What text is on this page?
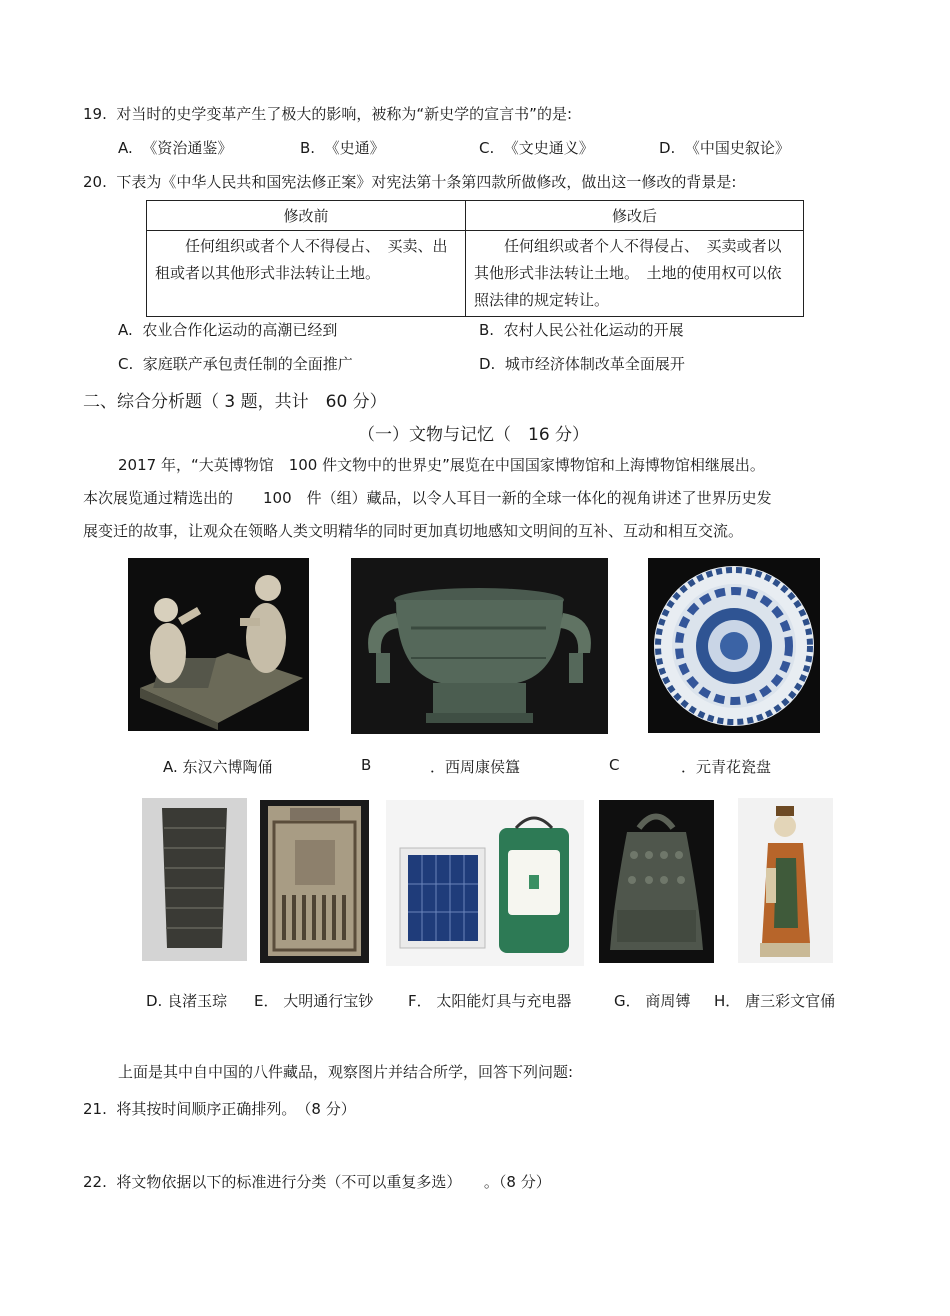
19. 对当时的史学变革产生了极大的影响，被称为“新史学的宣言书”的是:
A. 《资治通鉴》	B. 《史通》	C. 《文史通义》	D. 《中国史叙论》
20. 下表为《中华人民共和国宪法修正案》对宪法第十条第四款所做修改，做出这一修改的背景是:
修改前	修改后
任何组织或者个人不得侵占、　买卖、出租或者以其他形式非法转让土地。	任何组织或者个人不得侵占、　买卖或者以其他形式非法转让土地。　土地的使用权可以依照法律的规定转让。
A. 农业合作化运动的高潮已经到	B. 农村人民公社化运动的开展
C. 家庭联产承包责任制的全面推广	D. 城市经济体制改革全面展开
二、综合分析题（ 3 题，共计　60 分）
（一）文物与记忆（　16 分）
2017 年，“大英博物馆　100 件文物中的世界史”展览在中国国家博物馆和上海博物馆相继展出。
本次展览通过精选出的　　100　件（组）藏品，以令人耳目一新的全球一体化的视角讲述了世界历史发
展变迁的故事，让观众在领略人类文明精华的同时更加真切地感知文明间的互补、互动和相互交流。
A. 东汉六博陶俑	B	．西周康侯簋	C	．元青花瓷盘
D. 良渚玉琮 E． 大明通行宝钞 F． 太阳能灯具与充电器	G． 商周镈 H． 唐三彩文官俑
上面是其中自中国的八件藏品，观察图片并结合所学，回答下列问题:
21. 将其按时间顺序正确排列。　（8 分）
22. 将文物依据以下的标准进行分类（不可以重复多选）　　。（8 分）
